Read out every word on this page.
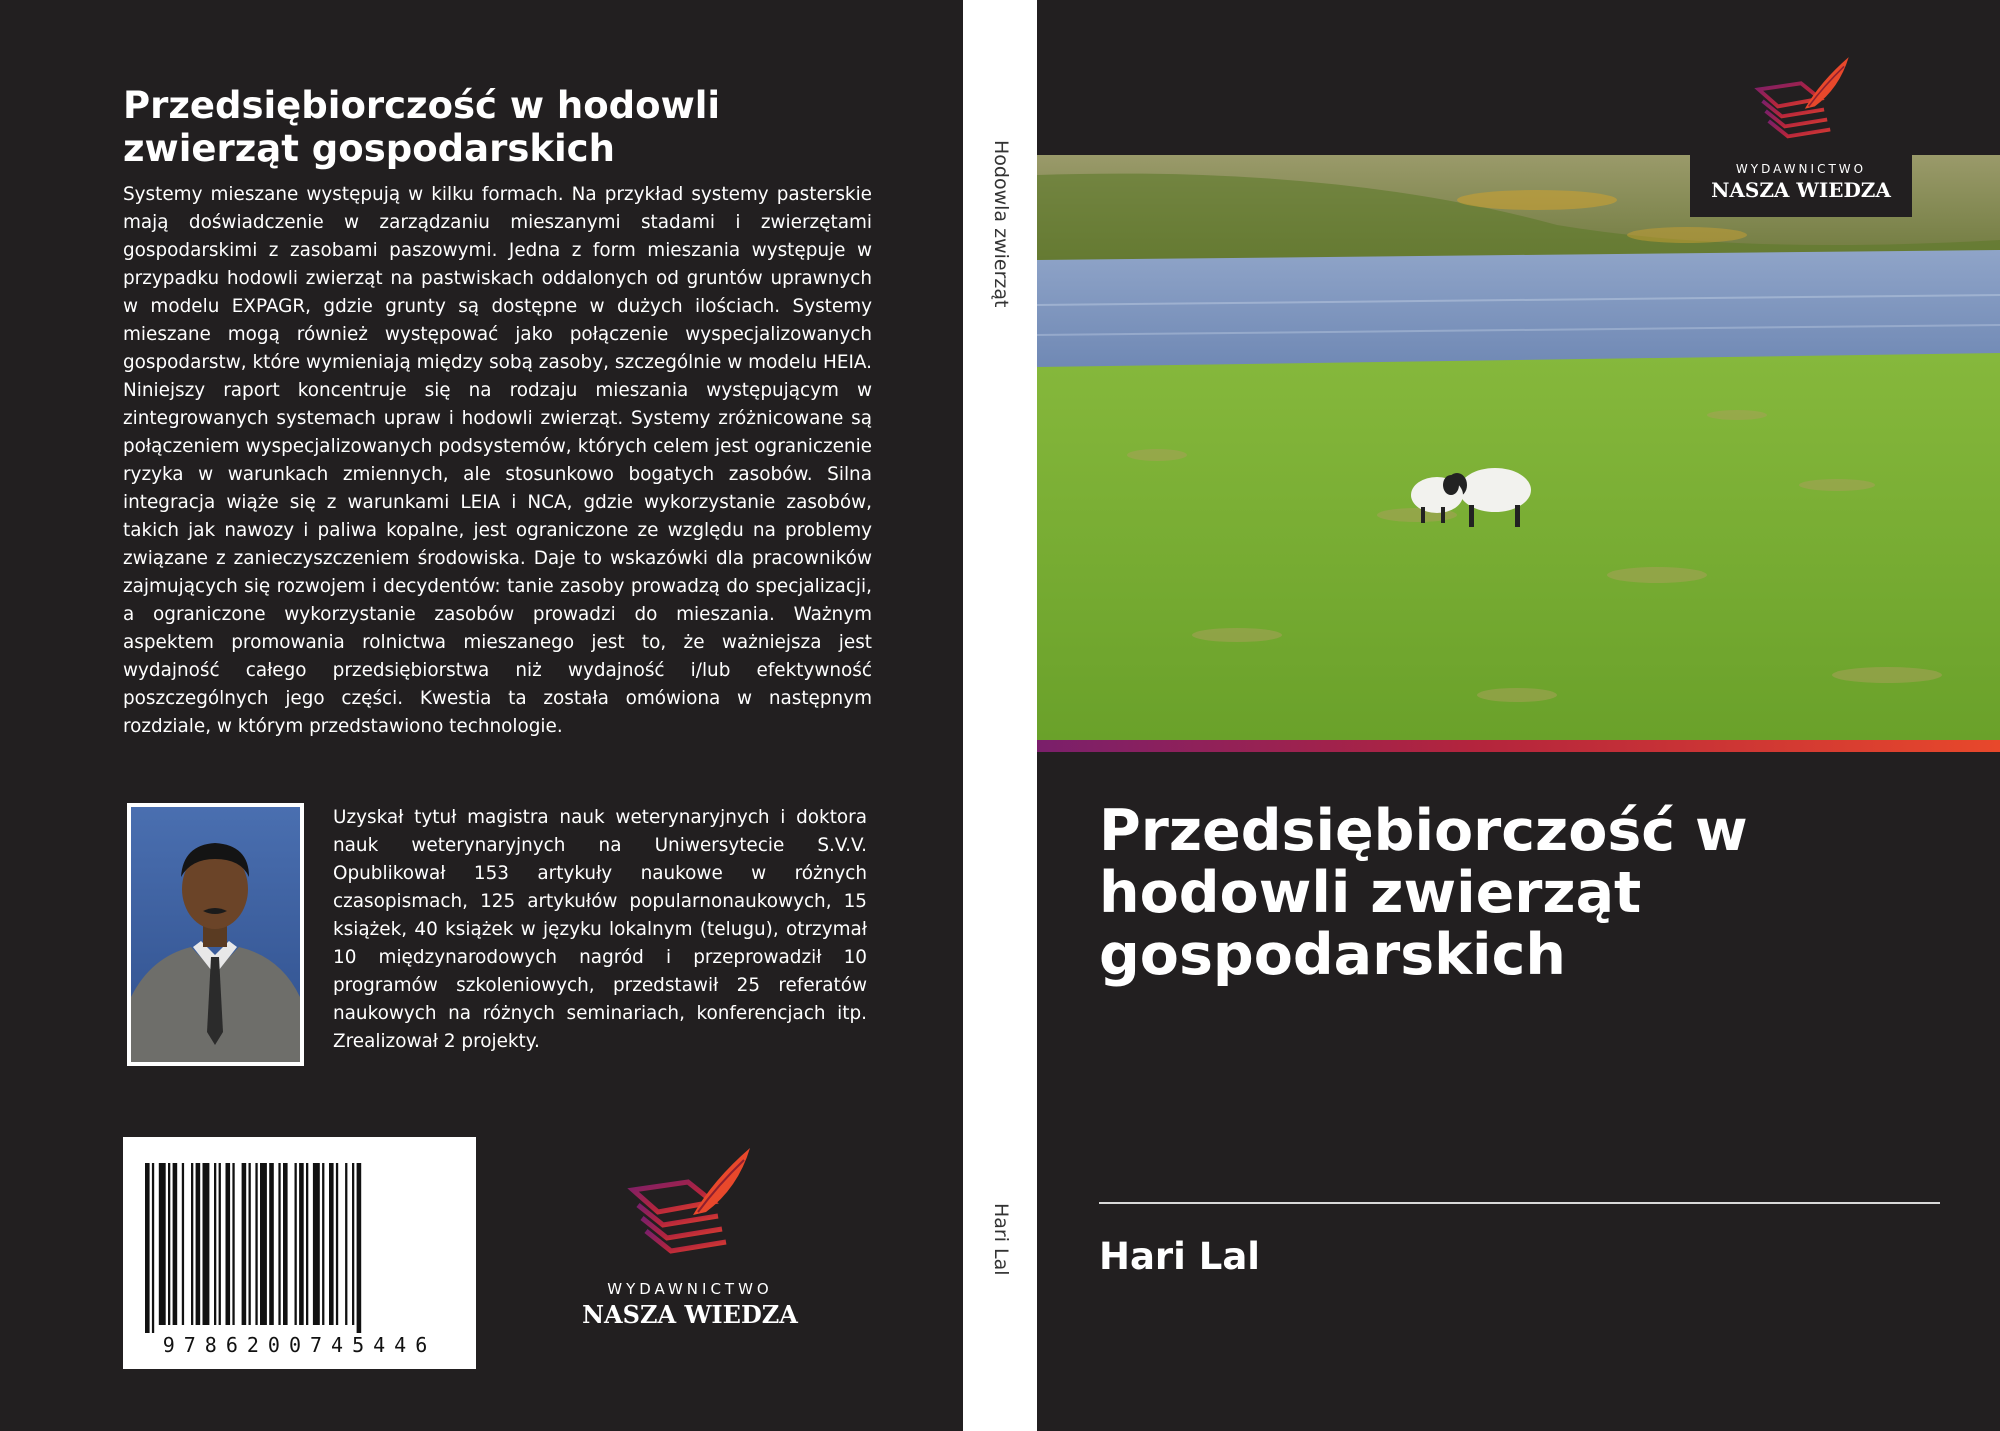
Przedsiębiorczość w hodowli zwierząt gospodarskich

Systemy mieszane występują w kilku formach. Na przykład systemy pasterskie mają doświadczenie w zarządzaniu mieszanymi stadami i zwierzętami gospodarskimi z zasobami paszowymi. Jedna z form mieszania występuje w przypadku hodowli zwierząt na pastwiskach oddalonych od gruntów uprawnych w modelu EXPAGR, gdzie grunty są dostępne w dużych ilościach. Systemy mieszane mogą również występować jako połączenie wyspecjalizowanych gospodarstw, które wymieniają między sobą zasoby, szczególnie w modelu HEIA. Niniejszy raport koncentruje się na rodzaju mieszania występującym w zintegrowanych systemach upraw i hodowli zwierząt. Systemy zróżnicowane są połączeniem wyspecjalizowanych podsystemów, których celem jest ograniczenie ryzyka w warunkach zmiennych, ale stosunkowo bogatych zasobów. Silna integracja wiąże się z warunkami LEIA i NCA, gdzie wykorzystanie zasobów, takich jak nawozy i paliwa kopalne, jest ograniczone ze względu na problemy związane z zanieczyszczeniem środowiska. Daje to wskazówki dla pracowników zajmujących się rozwojem i decydentów: tanie zasoby prowadzą do specjalizacji, a ograniczone wykorzystanie zasobów prowadzi do mieszania. Ważnym aspektem promowania rolnictwa mieszanego jest to, że ważniejsza jest wydajność całego przedsiębiorstwa niż wydajność i/lub efektywność poszczególnych jego części. Kwestia ta została omówiona w następnym rozdziale, w którym przedstawiono technologie.

Uzyskał tytuł magistra nauk weterynaryjnych i doktora nauk weterynaryjnych na Uniwersytecie S.V.V. Opublikował 153 artykuły naukowe w różnych czasopismach, 125 artykułów popularnonaukowych, 15 książek, 40 książek w języku lokalnym (telugu), otrzymał 10 międzynarodowych nagród i przeprowadził 10 programów szkoleniowych, przedstawił 25 referatów naukowych na różnych seminariach, konferencjach itp. Zrealizował 2 projekty.

9786200745446
WYDAWNICTWO
NASZA WIEDZA
Hodowla zwierząt
Hari Lal
WYDAWNICTWO
NASZA WIEDZA
Przedsiębiorczość w hodowli zwierząt gospodarskich

Hari Lal
